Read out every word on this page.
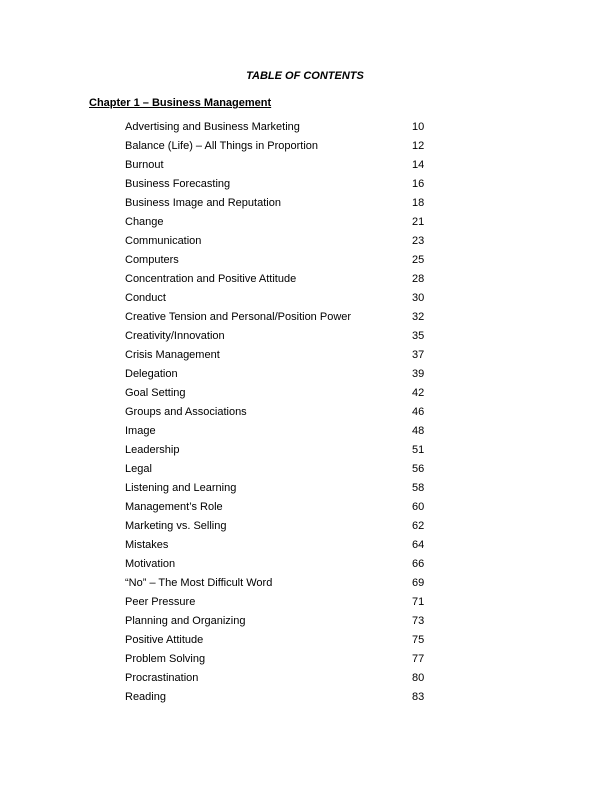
TABLE OF CONTENTS
Chapter 1 – Business Management
Advertising and Business Marketing	10
Balance (Life) – All Things in Proportion	12
Burnout	14
Business Forecasting	16
Business Image and Reputation	18
Change	21
Communication	23
Computers	25
Concentration and Positive Attitude	28
Conduct	30
Creative Tension and Personal/Position Power	32
Creativity/Innovation	35
Crisis Management	37
Delegation	39
Goal Setting	42
Groups and Associations	46
Image	48
Leadership	51
Legal	56
Listening and Learning	58
Management’s Role	60
Marketing vs. Selling	62
Mistakes	64
Motivation	66
“No” – The Most Difficult Word	69
Peer Pressure	71
Planning and Organizing	73
Positive Attitude	75
Problem Solving	77
Procrastination	80
Reading	83
